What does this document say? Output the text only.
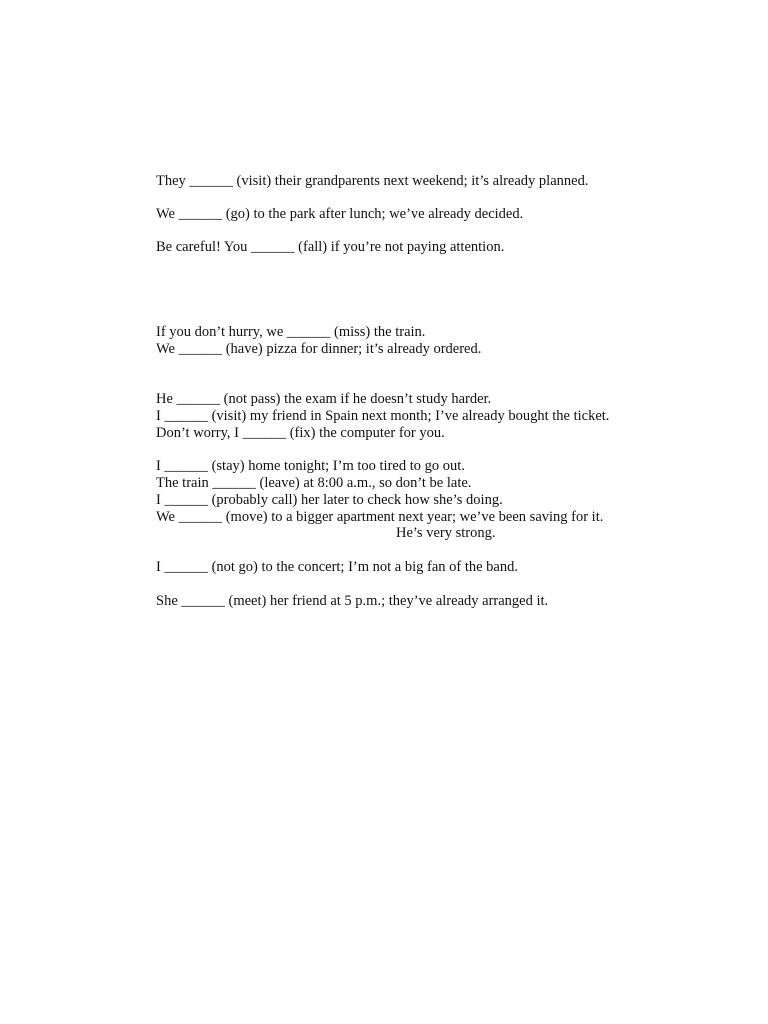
They ______ (visit) their grandparents next weekend; it’s already planned.

We ______ (go) to the park after lunch; we’ve already decided.

Be careful! You ______ (fall) if you’re not paying attention.

If you don’t hurry, we ______ (miss) the train.

We ______ (have) pizza for dinner; it’s already ordered.

He ______ (not pass) the exam if he doesn’t study harder.

I ______ (visit) my friend in Spain next month; I’ve already bought the ticket.

Don’t worry, I ______ (fix) the computer for you.

I ______ (stay) home tonight; I’m too tired to go out.

The train ______ (leave) at 8:00 a.m., so don’t be late.

I ______ (probably call) her later to check how she’s doing.

We ______ (move) to a bigger apartment next year; we’ve been saving for it.

He’s very strong.

I ______ (not go) to the concert; I’m not a big fan of the band.

She ______ (meet) her friend at 5 p.m.; they’ve already arranged it.
